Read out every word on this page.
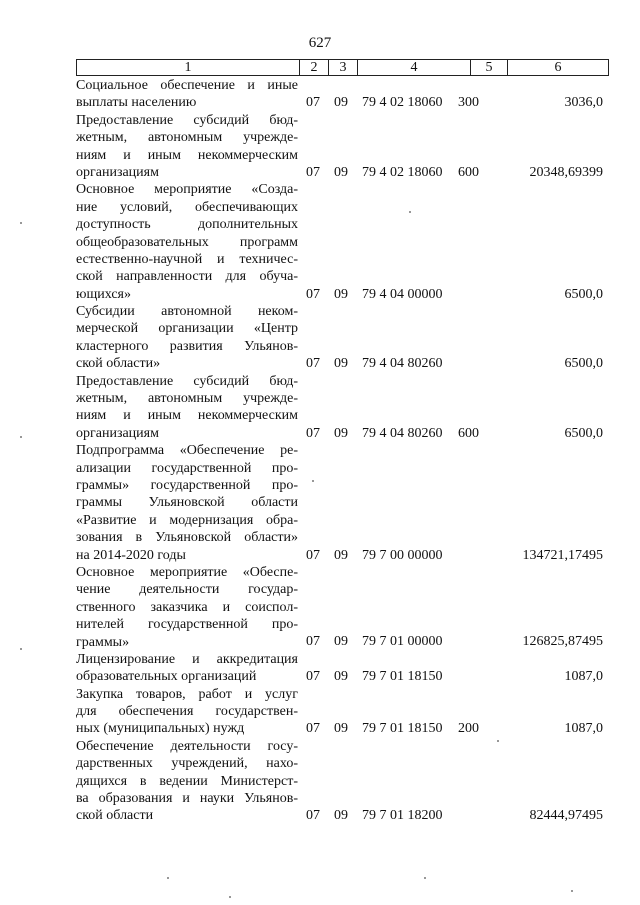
627
1	2	3	4	5	6
Социальное обеспечение и иные
выплаты населению	07	09	79 4 02 18060	300	3036,0
Предоставление субсидий бюд-
жетным, автономным учрежде-
ниям и иным некоммерческим
организациям	07	09	79 4 02 18060	600	20348,69399
Основное мероприятие «Созда-
ние условий, обеспечивающих
доступность дополнительных
общеобразовательных программ
естественно-научной и техничес-
ской направленности для обуча-
ющихся»	07	09	79 4 04 00000	6500,0
Субсидии автономной неком-
мерческой организации «Центр
кластерного развития Ульянов-
ской области»	07	09	79 4 04 80260	6500,0
Предоставление субсидий бюд-
жетным, автономным учрежде-
ниям и иным некоммерческим
организациям	07	09	79 4 04 80260	600	6500,0
Подпрограмма «Обеспечение ре-
ализации государственной про-
граммы» государственной про-
граммы Ульяновской области
«Развитие и модернизация обра-
зования в Ульяновской области»
на 2014-2020 годы	07	09	79 7 00 00000	134721,17495
Основное мероприятие «Обеспе-
чение деятельности государ-
ственного заказчика и соиспол-
нителей государственной про-
граммы»	07	09	79 7 01 00000	126825,87495
Лицензирование и аккредитация
образовательных организаций	07	09	79 7 01 18150	1087,0
Закупка товаров, работ и услуг
для обеспечения государствен-
ных (муниципальных) нужд	07	09	79 7 01 18150	200	1087,0
Обеспечение деятельности госу-
дарственных учреждений, нахо-
дящихся в ведении Министерст-
ва образования и науки Ульянов-
ской области	07	09	79 7 01 18200	82444,97495
